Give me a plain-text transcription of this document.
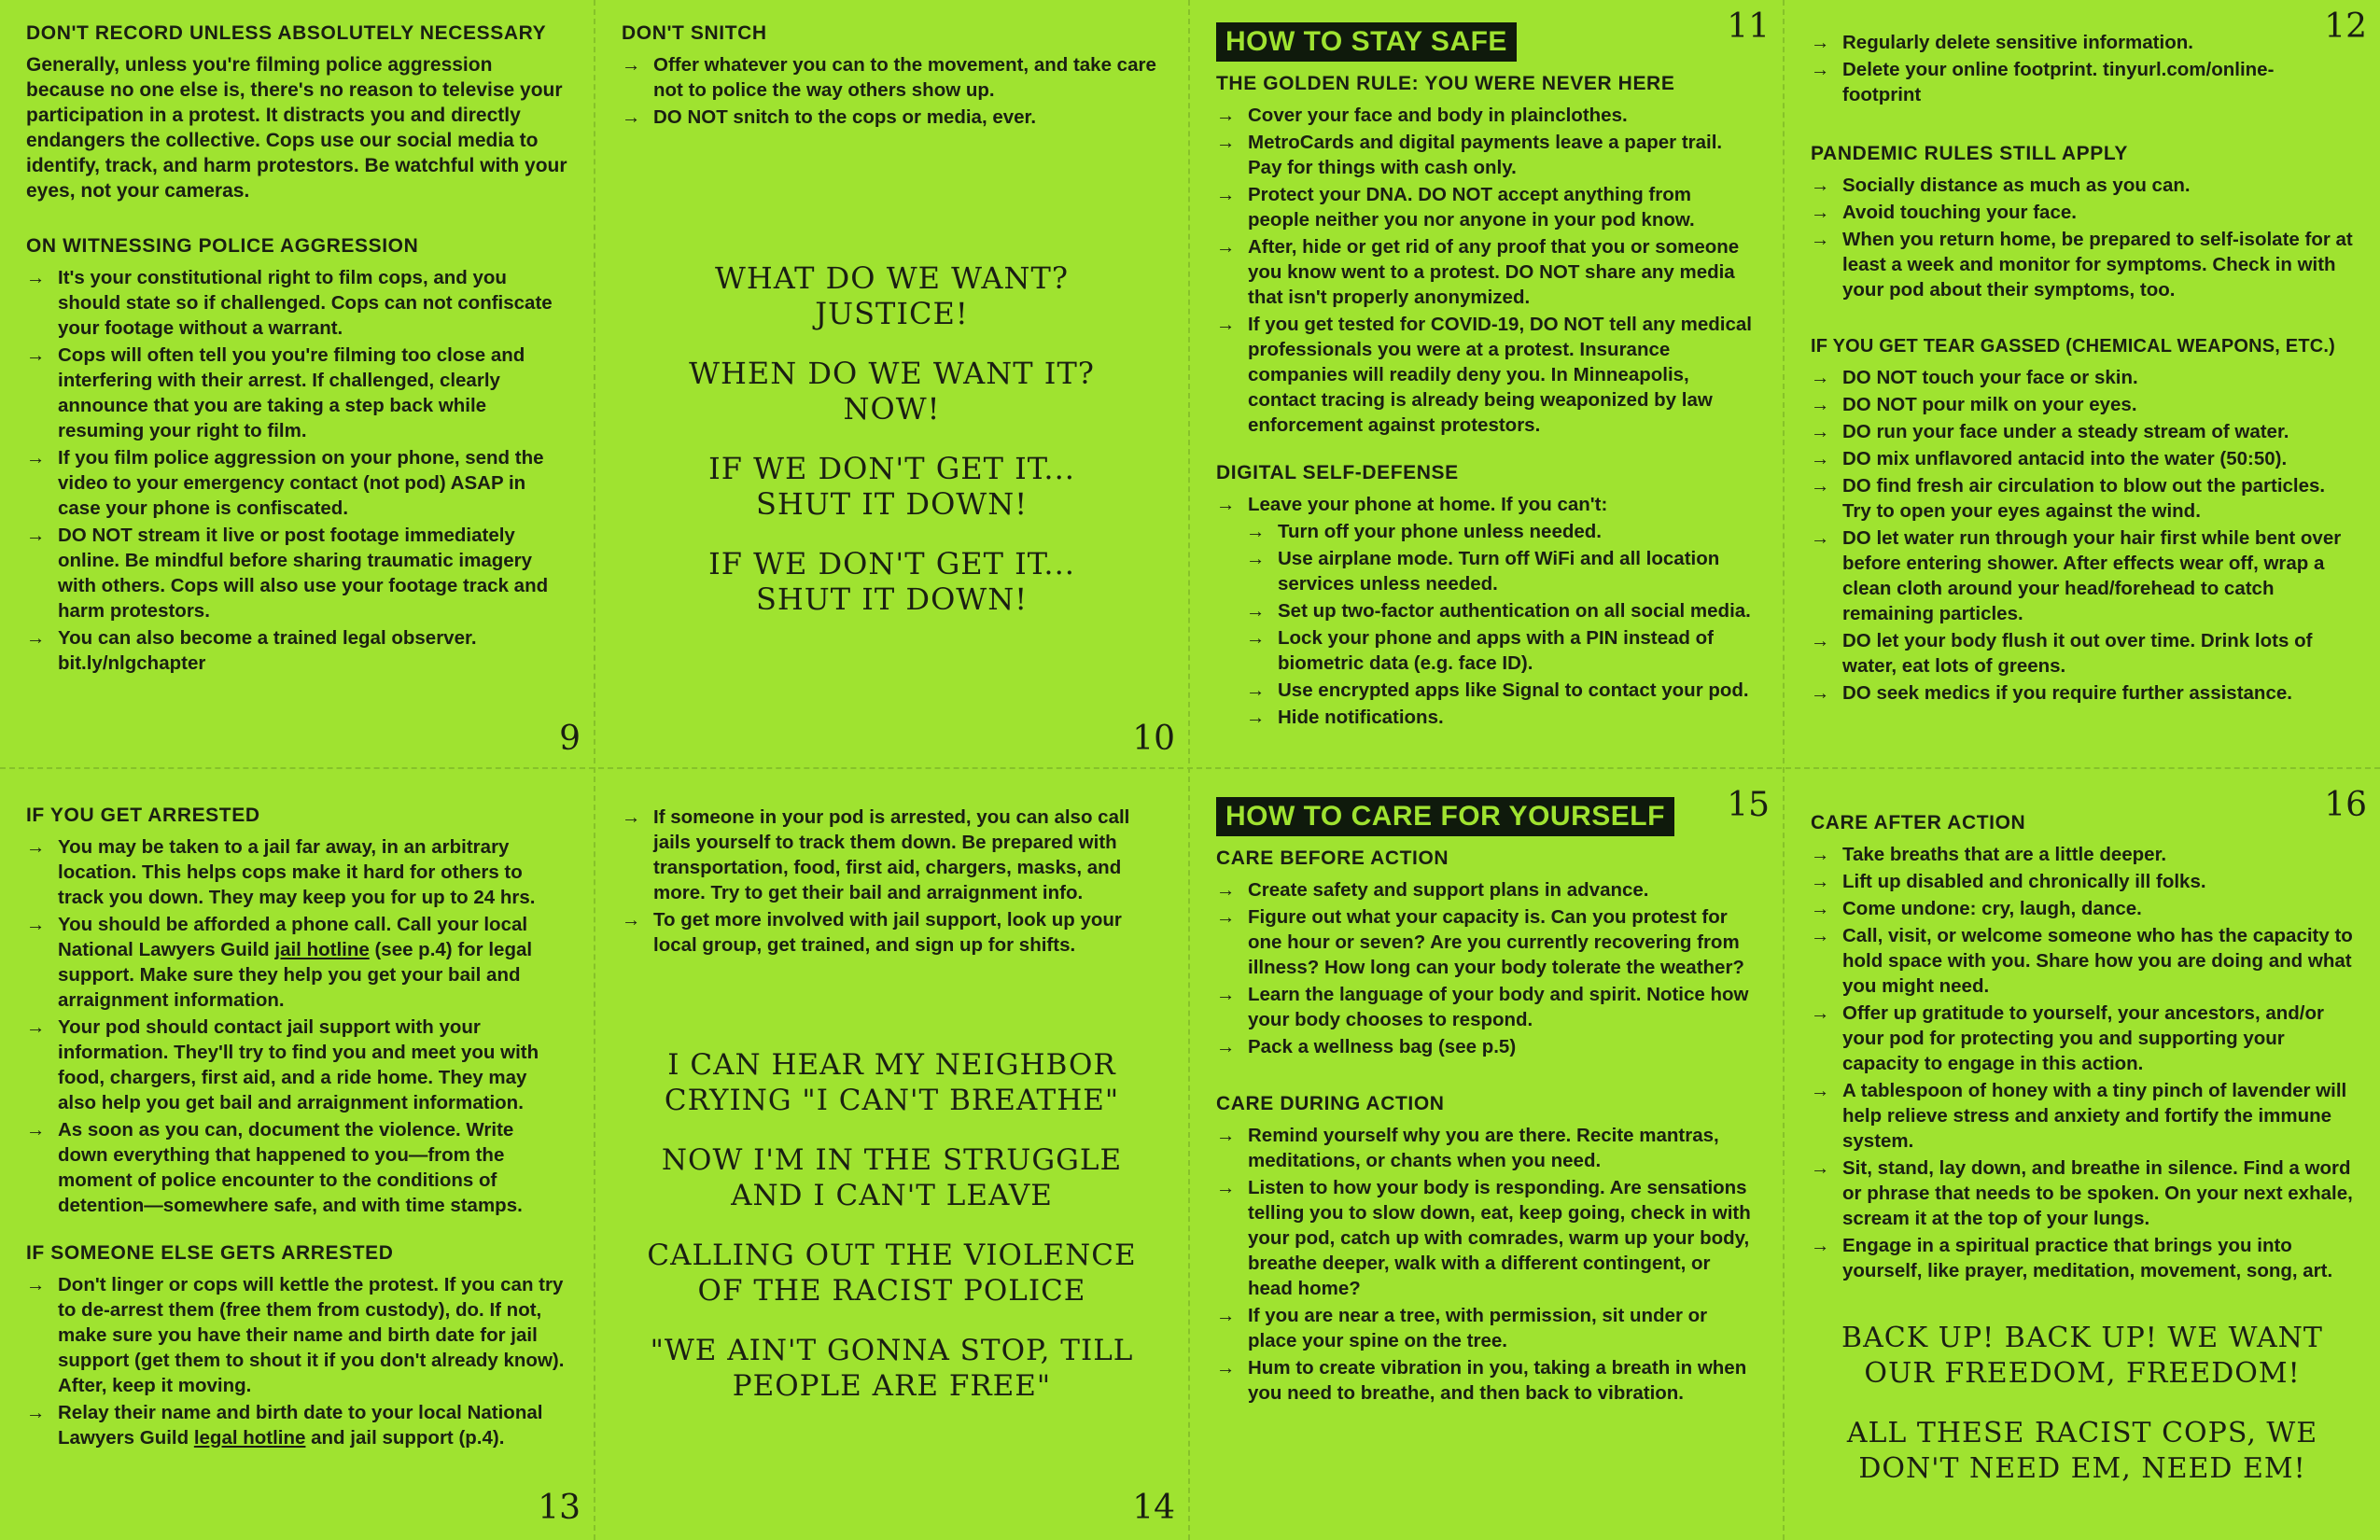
DON'T RECORD UNLESS ABSOLUTELY NECESSARY

Generally, unless you're filming police aggression because no one else is, there's no reason to televise your participation in a protest. It distracts you and directly endangers the collective. Cops use our social media to identify, track, and harm protestors. Be watchful with your eyes, not your cameras.

ON WITNESSING POLICE AGGRESSION
→ It's your constitutional right to film cops, and you should state so if challenged. Cops can not confiscate your footage without a warrant.
→ Cops will often tell you you're filming too close and interfering with their arrest. If challenged, clearly announce that you are taking a step back while resuming your right to film.
→ If you film police aggression on your phone, send the video to your emergency contact (not pod) ASAP in case your phone is confiscated.
→ DO NOT stream it live or post footage immediately online. Be mindful before sharing traumatic imagery with others. Cops will also use your footage track and harm protestors.
→ You can also become a trained legal observer. bit.ly/nlgchapter
9
DON'T SNITCH
→ Offer whatever you can to the movement, and take care not to police the way others show up.
→ DO NOT snitch to the cops or media, ever.
WHAT DO WE WANT? JUSTICE!
WHEN DO WE WANT IT? NOW!
IF WE DON'T GET IT... SHUT IT DOWN!
IF WE DON'T GET IT... SHUT IT DOWN!
10
HOW TO STAY SAFE
THE GOLDEN RULE: YOU WERE NEVER HERE
→ Cover your face and body in plainclothes.
→ MetroCards and digital payments leave a paper trail. Pay for things with cash only.
→ Protect your DNA. DO NOT accept anything from people neither you nor anyone in your pod know.
→ After, hide or get rid of any proof that you or someone you know went to a protest. DO NOT share any media that isn't properly anonymized.
→ If you get tested for COVID-19, DO NOT tell any medical professionals you were at a protest. Insurance companies will readily deny you. In Minneapolis, contact tracing is already being weaponized by law enforcement against protestors.
DIGITAL SELF-DEFENSE
→ Leave your phone at home. If you can't:
→ Turn off your phone unless needed.
→ Use airplane mode. Turn off WiFi and all location services unless needed.
→ Set up two-factor authentication on all social media.
→ Lock your phone and apps with a PIN instead of biometric data (e.g. face ID).
→ Use encrypted apps like Signal to contact your pod.
→ Hide notifications.
11
→	Regularly delete sensitive information.
→ Delete your online footprint. tinyurl.com/online-footprint
PANDEMIC RULES STILL APPLY
→ Socially distance as much as you can.
→ Avoid touching your face.
→ When you return home, be prepared to self-isolate for at least a week and monitor for symptoms. Check in with your pod about their symptoms, too.
IF YOU GET TEAR GASSED (CHEMICAL WEAPONS, ETC.)
→ DO NOT touch your face or skin.
→ DO NOT pour milk on your eyes.
→ DO run your face under a steady stream of water.
→ DO mix unflavored antacid into the water (50:50).
→ DO find fresh air circulation to blow out the particles. Try to open your eyes against the wind.
→ DO let water run through your hair first while bent over before entering shower. After effects wear off, wrap a clean cloth around your head/forehead to catch remaining particles.
→ DO let your body flush it out over time. Drink lots of water, eat lots of greens.
→ DO seek medics if you require further assistance.
12
IF YOU GET ARRESTED
→ You may be taken to a jail far away, in an arbitrary location. This helps cops make it hard for others to track you down. They may keep you for up to 24 hrs.
→ You should be afforded a phone call. Call your local National Lawyers Guild jail hotline (see p.4) for legal support. Make sure they help you get your bail and arraignment information.
→ Your pod should contact jail support with your information. They'll try to find you and meet you with food, chargers, first aid, and a ride home. They may also help you get bail and arraignment information.
→ As soon as you can, document the violence. Write down everything that happened to you—from the moment of police encounter to the conditions of detention—somewhere safe, and with time stamps.
IF SOMEONE ELSE GETS ARRESTED
→ Don't linger or cops will kettle the protest. If you can try to de-arrest them (free them from custody), do. If not, make sure you have their name and birth date for jail support (get them to shout it if you don't already know). After, keep it moving.
→ Relay their name and birth date to your local National Lawyers Guild legal hotline and jail support (p.4).
13
→ If someone in your pod is arrested, you can also call jails yourself to track them down. Be prepared with transportation, food, first aid, chargers, masks, and more. Try to get their bail and arraignment info.
→ To get more involved with jail support, look up your local group, get trained, and sign up for shifts.
I CAN HEAR MY NEIGHBOR CRYING "I CAN'T BREATHE"
NOW I'M IN THE STRUGGLE AND I CAN'T LEAVE
CALLING OUT THE VIOLENCE OF THE RACIST POLICE
"WE AIN'T GONNA STOP, TILL PEOPLE ARE FREE"
14
HOW TO CARE FOR YOURSELF
CARE BEFORE ACTION
→ Create safety and support plans in advance.
→ Figure out what your capacity is. Can you protest for one hour or seven? Are you currently recovering from illness? How long can your body tolerate the weather?
→ Learn the language of your body and spirit. Notice how your body chooses to respond.
→ Pack a wellness bag (see p.5)
CARE DURING ACTION
→ Remind yourself why you are there. Recite mantras, meditations, or chants when you need.
→ Listen to how your body is responding. Are sensations telling you to slow down, eat, keep going, check in with your pod, catch up with comrades, warm up your body, breathe deeper, walk with a different contingent, or head home?
→ If you are near a tree, with permission, sit under or place your spine on the tree.
→ Hum to create vibration in you, taking a breath in when you need to breathe, and then back to vibration.
15 CARE AFTER ACTION
→ Take breaths that are a little deeper.
→ Lift up disabled and chronically ill folks.
→ Come undone: cry, laugh, dance.
→ Call, visit, or welcome someone who has the capacity to hold space with you. Share how you are doing and what you might need.
→ Offer up gratitude to yourself, your ancestors, and/or your pod for protecting you and supporting your capacity to engage in this action.
→ A tablespoon of honey with a tiny pinch of lavender will help relieve stress and anxiety and fortify the immune system.
→ Sit, stand, lay down, and breathe in silence. Find a word or phrase that needs to be spoken. On your next exhale, scream it at the top of your lungs.
→ Engage in a spiritual practice that brings you into yourself, like prayer, meditation, movement, song, art.
BACK UP! BACK UP! WE WANT OUR FREEDOM, FREEDOM!
ALL THESE RACIST COPS, WE DON'T NEED EM, NEED EM!
16
